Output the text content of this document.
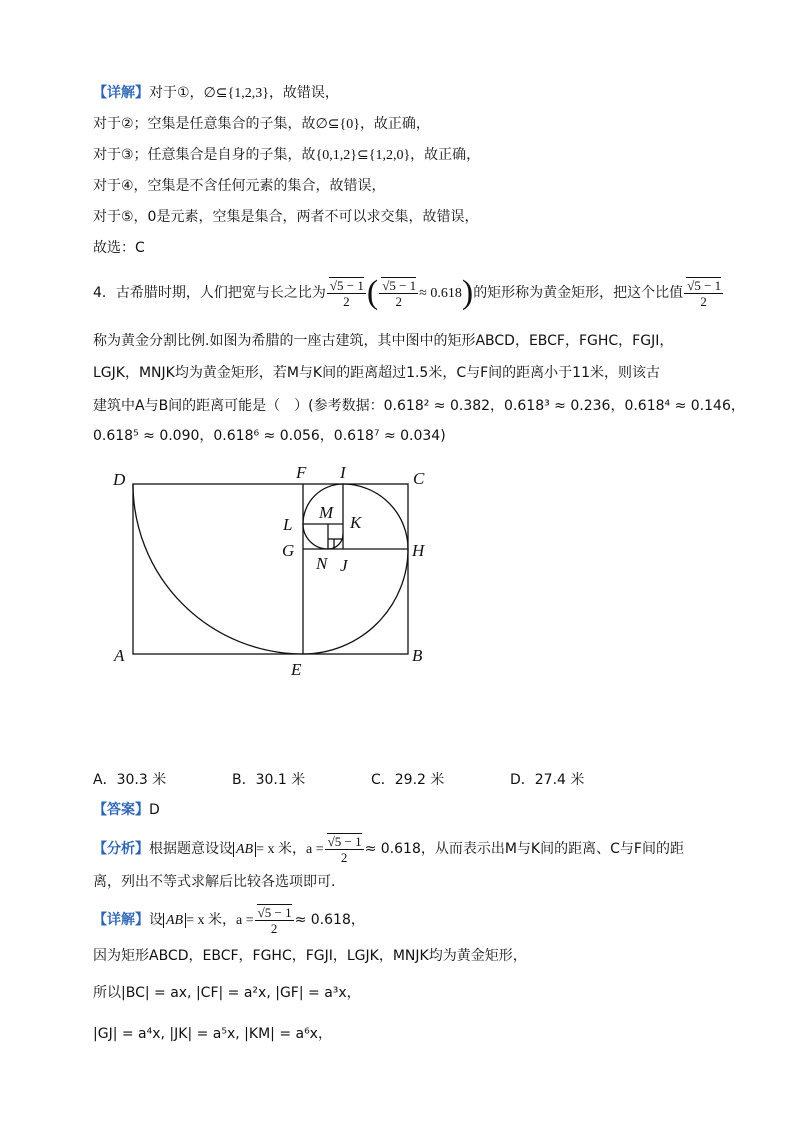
【详解】对于①，∅⊆{1,2,3}，故错误，
对于②；空集是任意集合的子集，故∅⊆{0}，故正确，
对于③；任意集合是自身的子集，故{0,1,2}⊆{1,2,0}，故正确，
对于④，空集是不含任何元素的集合，故错误，
对于⑤，0是元素，空集是集合，两者不可以求交集，故错误，
故选：C
4．古希腊时期，人们把宽与长之比为 $\frac{√5 - 1}{2}$ ( $\frac{√5 - 1}{2} \approx 0.618$)的矩形称为黄金矩形，把这个比值 $\frac{√5 - 1}{2}$
称为黄金分割比例.如图为希腊的一座古建筑，其中图中的矩形ABCD，EBCF，FGHC，FGJI，
LGJK，MNJK均为黄金矩形，若M与K间的距离超过1.5米，C与F间的距离小于11米，则该古
建筑中A与B间的距离可能是（　）(参考数据：0.618² ≈ 0.382，0.618³ ≈ 0.236，0.618⁴ ≈ 0.146，
0.618⁵ ≈ 0.090，0.618⁶ ≈ 0.056，0.618⁷ ≈ 0.034)
D	F I	C
L
M
K
G	H
N J
A
E
B
A．30.3 米	B．30.1 米	C．29.2 米	D．27.4 米
【答案】D
【分析】根据题意设设 AB = x 米，$a = \frac{√5 - 1}{2} \approx 0.618$，从而表示出M与K间的距离、C与F间的距
离，列出不等式求解后比较各选项即可.
【详解】设 AB = x 米，$a = \frac{√5 - 1}{2} \approx 0.618$，
因为矩形ABCD，EBCF，FGHC，FGJI，LGJK，MNJK均为黄金矩形，
所以|BC| = ax, |CF| = a²x, |GF| = a³x，
|GJ| = a⁴x, |JK| = a⁵x, |KM| = a⁶x，
